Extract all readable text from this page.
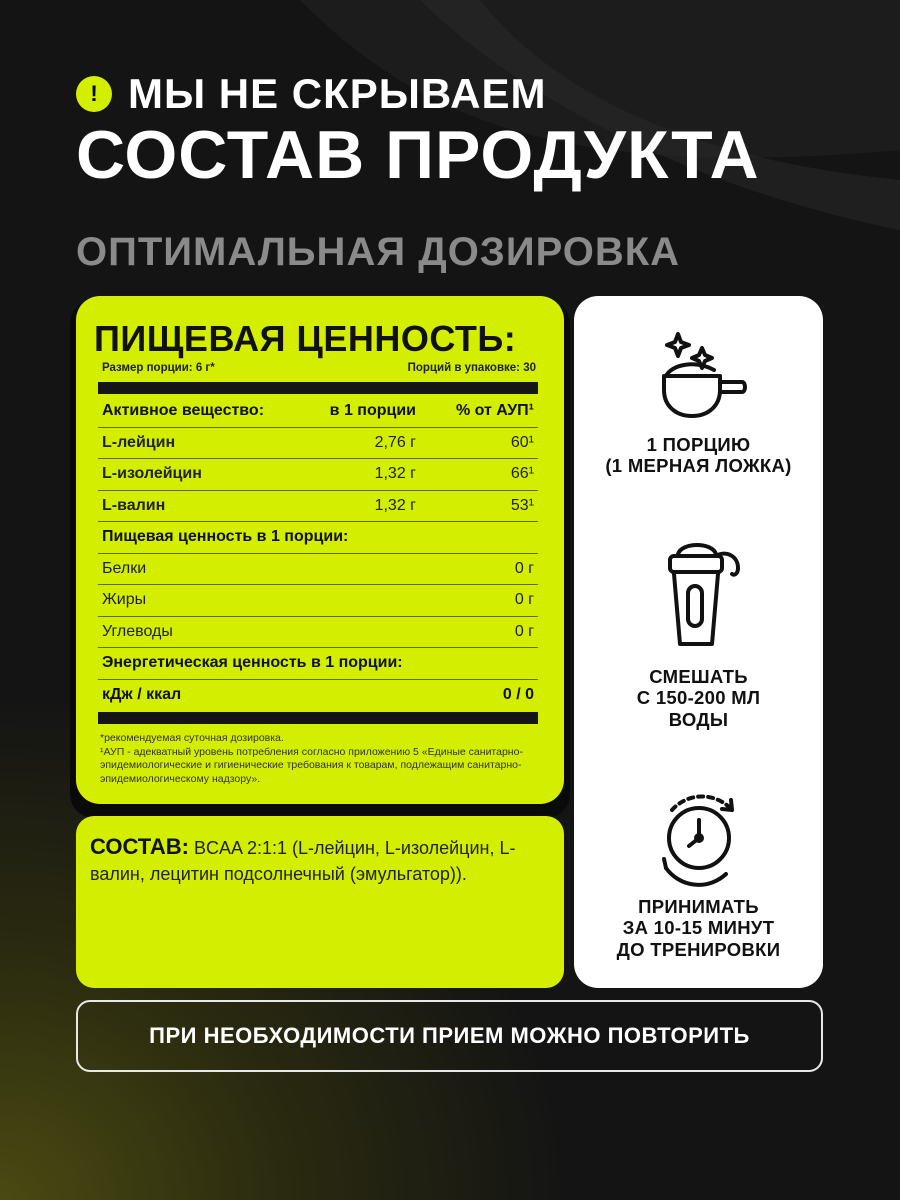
! МЫ НЕ СКРЫВАЕМ
СОСТАВ ПРОДУКТА
ОПТИМАЛЬНАЯ ДОЗИРОВКА
ПИЩЕВАЯ ЦЕННОСТЬ:
Размер порции: 6 г*	Порций в упаковке: 30
Активное вещество:	в 1 порции	% от АУП¹
L-лейцин	2,76 г	60¹
L-изолейцин	1,32 г	66¹
L-валин	1,32 г	53¹
Пищевая ценность в 1 порции:
Белки	0 г
Жиры	0 г
Углеводы	0 г
Энергетическая ценность в 1 порции:
кДж / ккал	0 / 0
*рекомендуемая суточная дозировка.
¹АУП - адекватный уровень потребления согласно приложению 5 «Единые санитарно-эпидемиологические и гигиенические требования к товарам, подлежащим санитарно-эпидемиологическому надзору».
СОСТАВ: BCAA 2:1:1 (L-лейцин, L-изолейцин, L-валин, лецитин подсолнечный (эмульгатор)).
1 ПОРЦИЮ
(1 МЕРНАЯ ЛОЖКА)
СМЕШАТЬ
С 150-200 МЛ
ВОДЫ
ПРИНИМАТЬ
ЗА 10-15 МИНУТ
ДО ТРЕНИРОВКИ
ПРИ НЕОБХОДИМОСТИ ПРИЕМ МОЖНО ПОВТОРИТЬ
